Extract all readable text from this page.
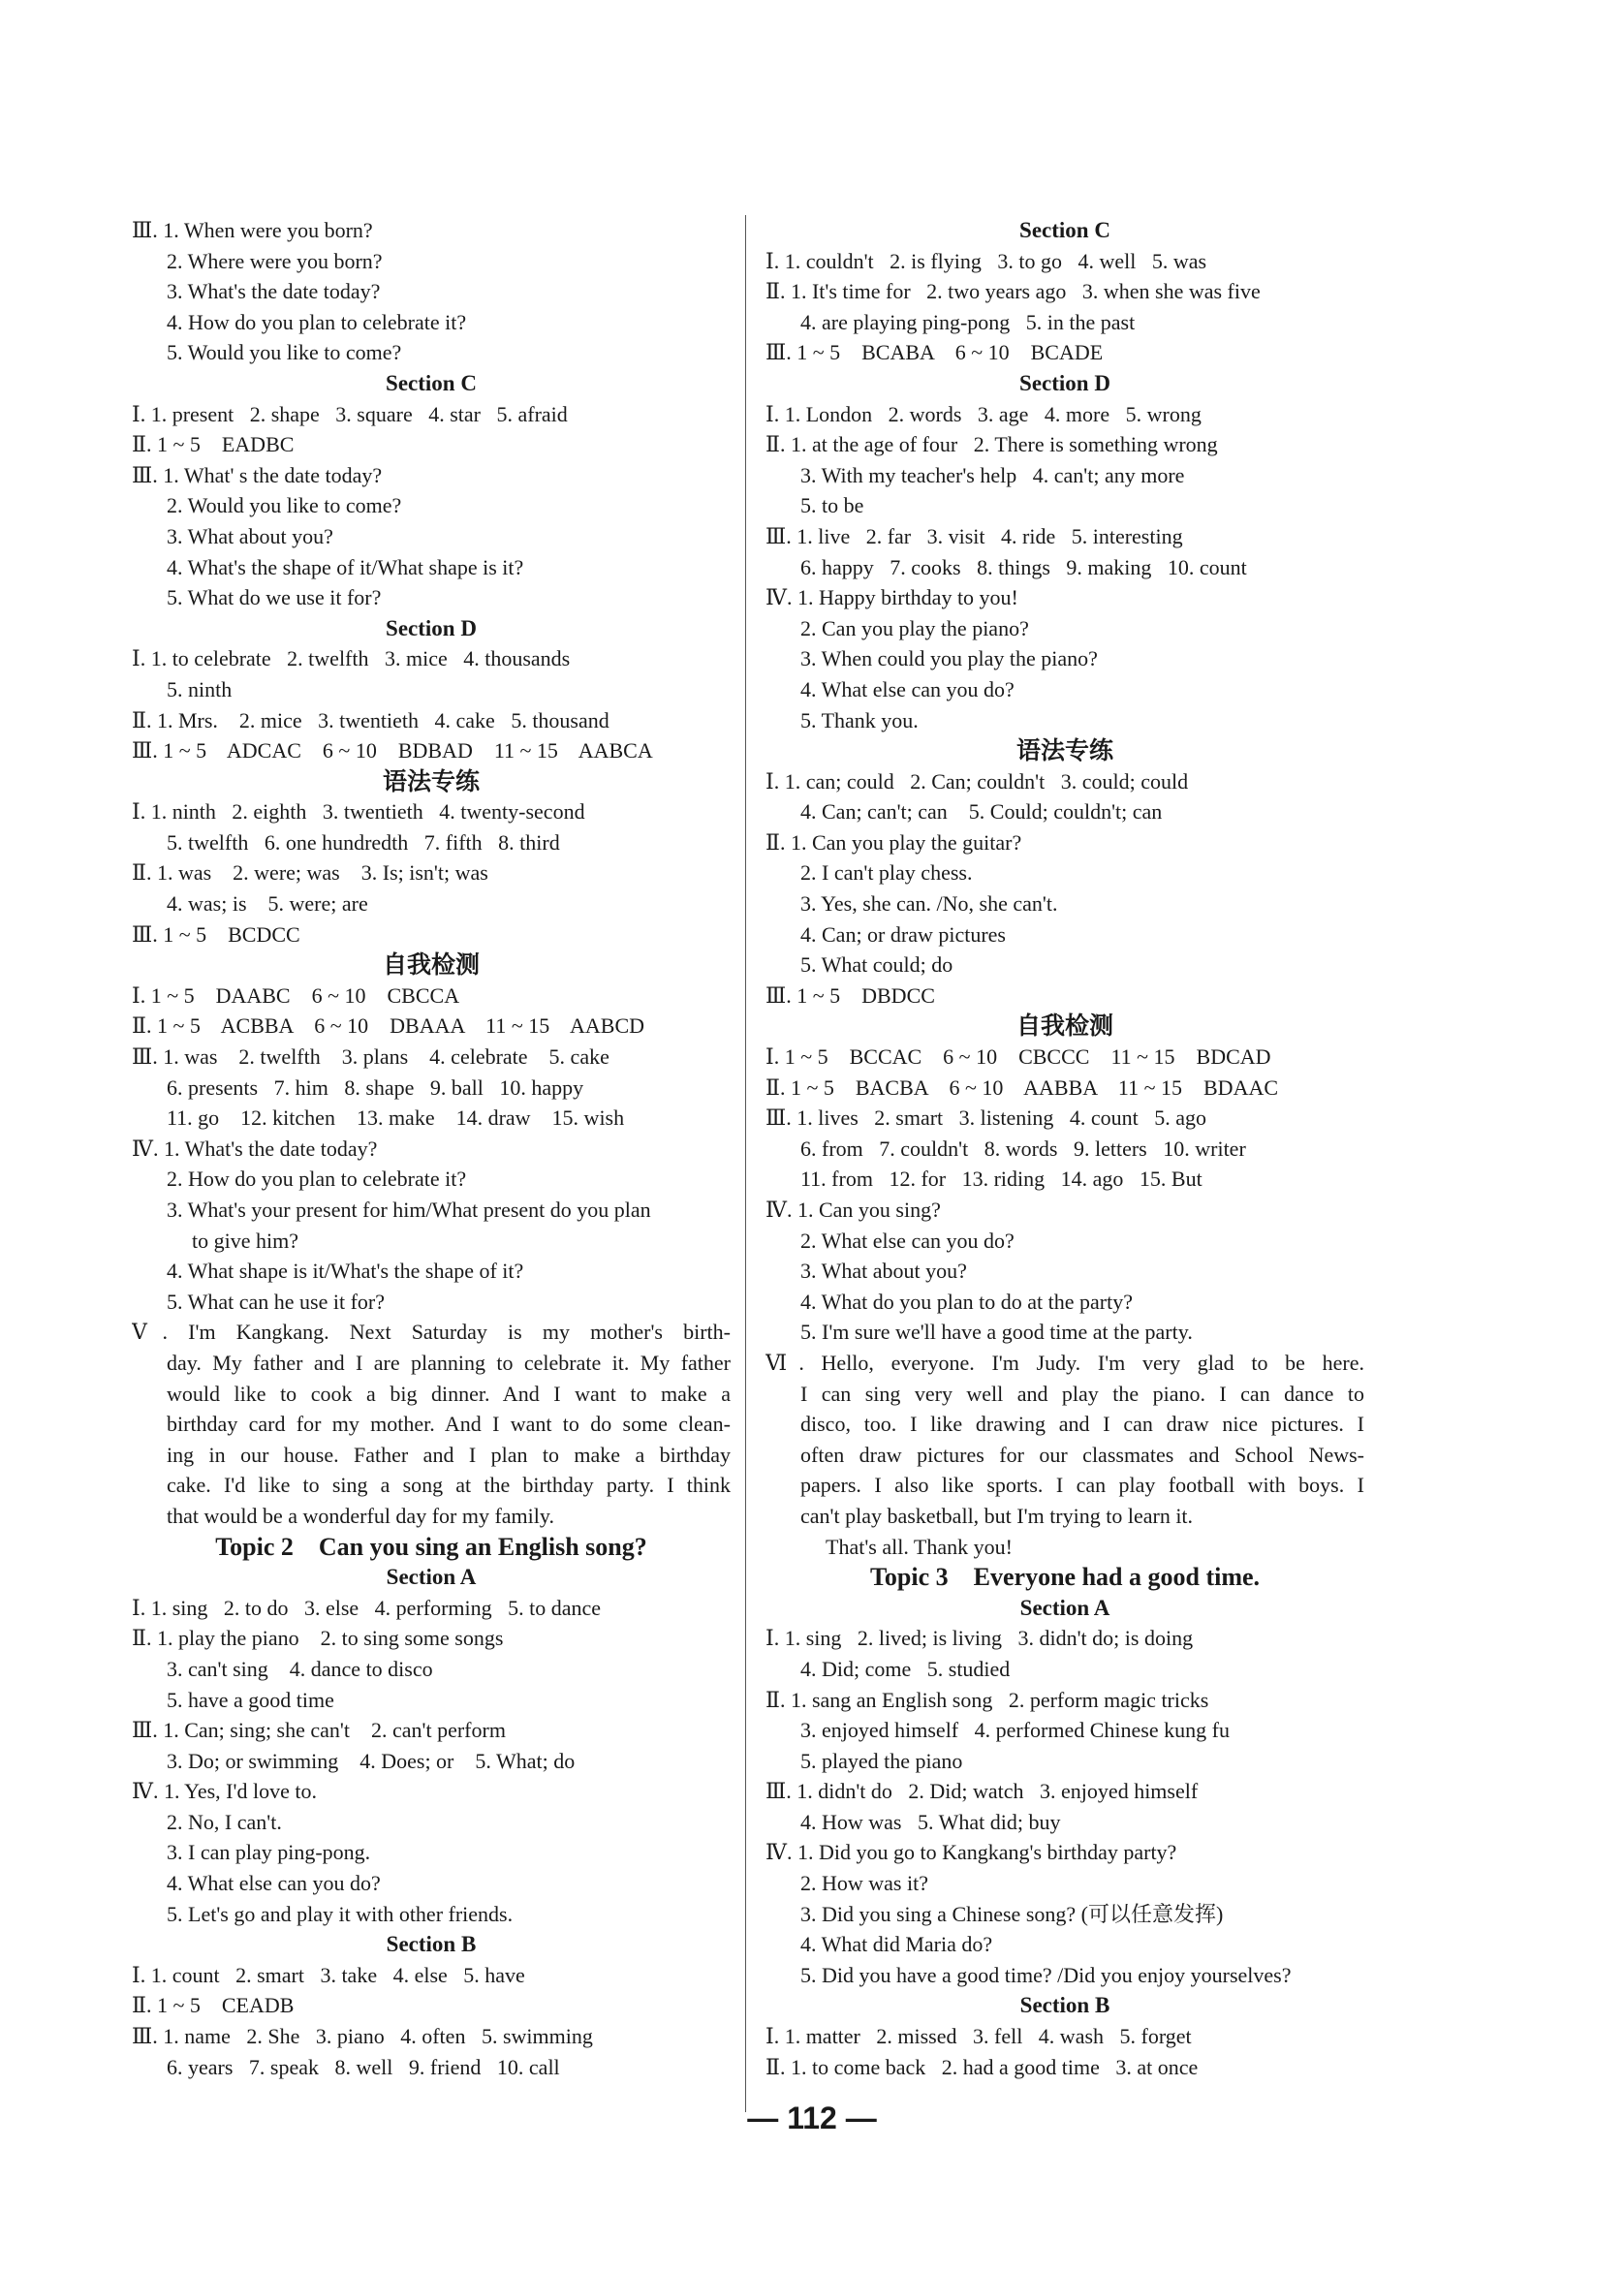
Ⅲ. 1. When were you born?
2. Where were you born?
3. What's the date today?
4. How do you plan to celebrate it?
5. Would you like to come?
Section C
Ⅰ. 1. present   2. shape   3. square   4. star   5. afraid
Ⅱ. 1 ~ 5    EADBC
Ⅲ. 1. What' s the date today?
2. Would you like to come?
3. What about you?
4. What's the shape of it/What shape is it?
5. What do we use it for?
Section D
Ⅰ. 1. to celebrate   2. twelfth   3. mice   4. thousands
5. ninth
Ⅱ. 1. Mrs.    2. mice   3. twentieth   4. cake   5. thousand
Ⅲ. 1 ~ 5    ADCAC    6 ~ 10    BDBAD    11 ~ 15    AABCA
语法专练
Ⅰ. 1. ninth   2. eighth   3. twentieth   4. twenty-second
5. twelfth   6. one hundredth   7. fifth   8. third
Ⅱ. 1. was    2. were; was    3. Is; isn't; was
4. was; is    5. were; are
Ⅲ. 1 ~ 5    BCDCC
自我检测
Ⅰ. 1 ~ 5    DAABC    6 ~ 10    CBCCA
Ⅱ. 1 ~ 5    ACBBA    6 ~ 10    DBAAA    11 ~ 15    AABCD
Ⅲ. 1. was    2. twelfth    3. plans    4. celebrate    5. cake
6. presents   7. him   8. shape   9. ball   10. happy
11. go    12. kitchen    13. make    14. draw    15. wish
Ⅳ. 1. What's the date today?
2. How do you plan to celebrate it?
3. What's your present for him/What present do you plan
to give him?
4. What shape is it/What's the shape of it?
5. What can he use it for?
Ⅴ. I'm Kangkang. Next Saturday is my mother's birth-
day. My father and I are planning to celebrate it. My father
would like to cook a big dinner. And I want to make a
birthday card for my mother. And I want to do some clean-
ing in our house. Father and I plan to make a birthday
cake. I'd like to sing a song at the birthday party. I think
that would be a wonderful day for my family.
Topic 2    Can you sing an English song?
Section A
Ⅰ. 1. sing   2. to do   3. else   4. performing   5. to dance
Ⅱ. 1. play the piano    2. to sing some songs
3. can't sing    4. dance to disco
5. have a good time
Ⅲ. 1. Can; sing; she can't    2. can't perform
3. Do; or swimming    4. Does; or    5. What; do
Ⅳ. 1. Yes, I'd love to.
2. No, I can't.
3. I can play ping-pong.
4. What else can you do?
5. Let's go and play it with other friends.
Section B
Ⅰ. 1. count   2. smart   3. take   4. else   5. have
Ⅱ. 1 ~ 5    CEADB
Ⅲ. 1. name   2. She   3. piano   4. often   5. swimming
6. years   7. speak   8. well   9. friend   10. call
Section C
Ⅰ. 1. couldn't   2. is flying   3. to go   4. well   5. was
Ⅱ. 1. It's time for   2. two years ago   3. when she was five
4. are playing ping-pong   5. in the past
Ⅲ. 1 ~ 5    BCABA    6 ~ 10    BCADE
Section D
Ⅰ. 1. London   2. words   3. age   4. more   5. wrong
Ⅱ. 1. at the age of four   2. There is something wrong
3. With my teacher's help   4. can't; any more
5. to be
Ⅲ. 1. live   2. far   3. visit   4. ride   5. interesting
6. happy   7. cooks   8. things   9. making   10. count
Ⅳ. 1. Happy birthday to you!
2. Can you play the piano?
3. When could you play the piano?
4. What else can you do?
5. Thank you.
语法专练
Ⅰ. 1. can; could   2. Can; couldn't   3. could; could
4. Can; can't; can    5. Could; couldn't; can
Ⅱ. 1. Can you play the guitar?
2. I can't play chess.
3. Yes, she can. /No, she can't.
4. Can; or draw pictures
5. What could; do
Ⅲ. 1 ~ 5    DBDCC
自我检测
Ⅰ. 1 ~ 5    BCCAC    6 ~ 10    CBCCC    11 ~ 15    BDCAD
Ⅱ. 1 ~ 5    BACBA    6 ~ 10    AABBA    11 ~ 15    BDAAC
Ⅲ. 1. lives   2. smart   3. listening   4. count   5. ago
6. from   7. couldn't   8. words   9. letters   10. writer
11. from   12. for   13. riding   14. ago   15. But
Ⅳ. 1. Can you sing?
2. What else can you do?
3. What about you?
4. What do you plan to do at the party?
5. I'm sure we'll have a good time at the party.
Ⅵ. Hello, everyone. I'm Judy. I'm very glad to be here.
I can sing very well and play the piano. I can dance to
disco, too. I like drawing and I can draw nice pictures. I
often draw pictures for our classmates and School News-
papers. I also like sports. I can play football with boys. I
can't play basketball, but I'm trying to learn it.
That's all. Thank you!
Topic 3    Everyone had a good time.
Section A
Ⅰ. 1. sing   2. lived; is living   3. didn't do; is doing
4. Did; come   5. studied
Ⅱ. 1. sang an English song   2. perform magic tricks
3. enjoyed himself   4. performed Chinese kung fu
5. played the piano
Ⅲ. 1. didn't do   2. Did; watch   3. enjoyed himself
4. How was   5. What did; buy
Ⅳ. 1. Did you go to Kangkang's birthday party?
2. How was it?
3. Did you sing a Chinese song? (可以任意发挥)
4. What did Maria do?
5. Did you have a good time? /Did you enjoy yourselves?
Section B
Ⅰ. 1. matter   2. missed   3. fell   4. wash   5. forget
Ⅱ. 1. to come back   2. had a good time   3. at once
— 112 —
